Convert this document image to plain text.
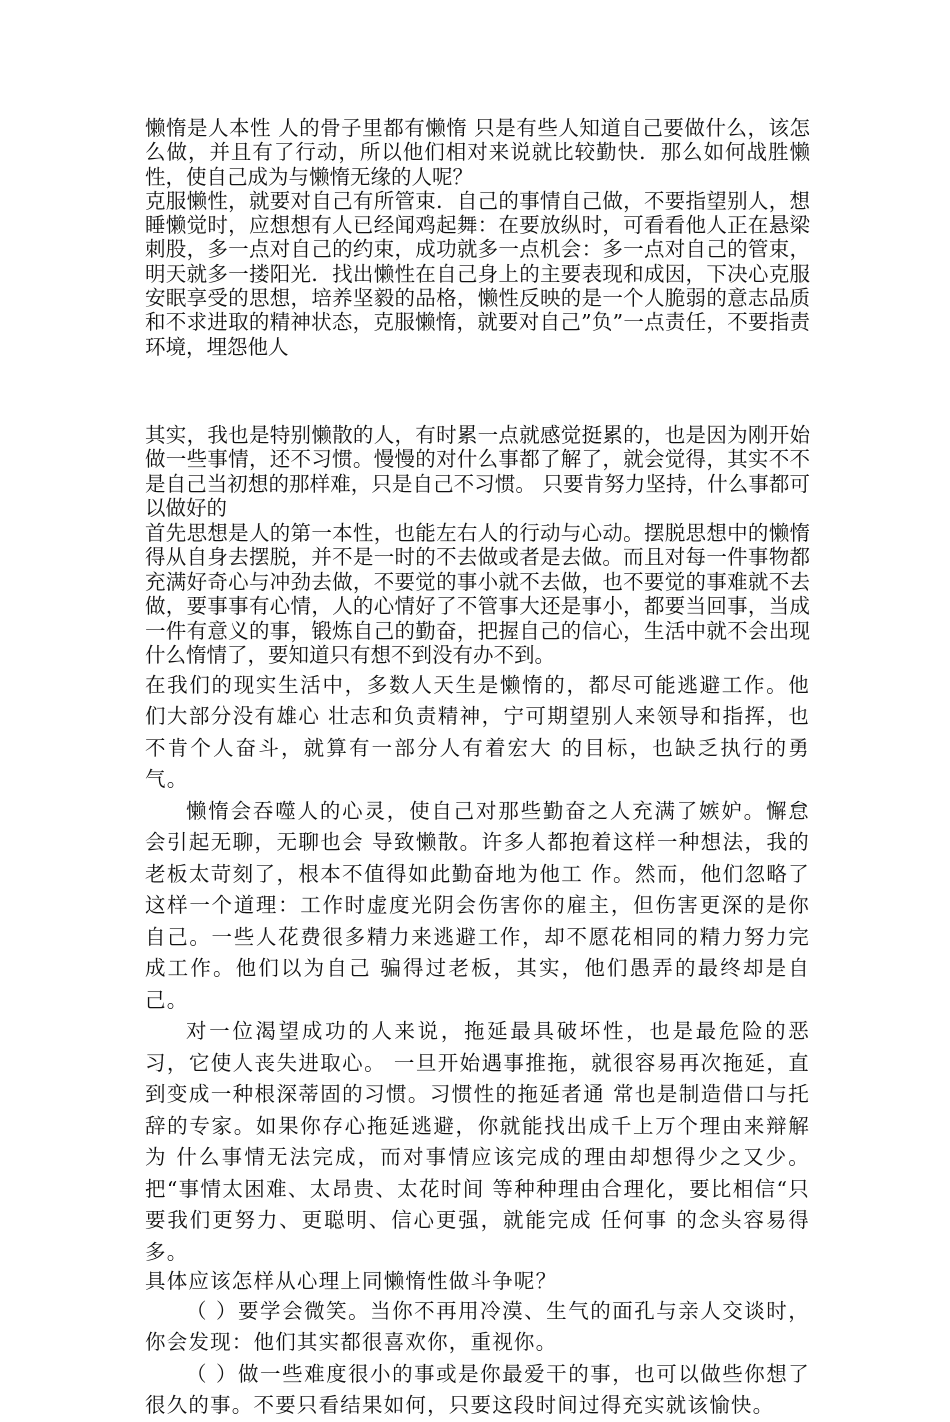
懒惰是人本性 人的骨子里都有懒惰 只是有些人知道自己要做什么，该怎么做，并且有了行动，所以他们相对来说就比较勤快．那么如何战胜懒性，使自己成为与懒惰无缘的人呢？

克服懒性，就要对自己有所管束．自己的事情自己做，不要指望别人，想睡懒觉时，应想想有人已经闻鸡起舞：在要放纵时，可看看他人正在悬梁刺股，多一点对自己的约束，成功就多一点机会：多一点对自己的管束，明天就多一搂阳光．找出懒性在自己身上的主要表现和成因，下决心克服安眠享受的思想，培养坚毅的品格，懒性反映的是一个人脆弱的意志品质和不求进取的精神状态，克服懒惰，就要对自己”负”一点责任，不要指责环境，埋怨他人

其实，我也是特别懒散的人，有时累一点就感觉挺累的，也是因为刚开始做一些事情，还不习惯。慢慢的对什么事都了解了，就会觉得，其实不不是自己当初想的那样难，只是自己不习惯。 只要肯努力坚持，什么事都可以做好的

首先思想是人的第一本性，也能左右人的行动与心动。摆脱思想中的懒惰得从自身去摆脱，并不是一时的不去做或者是去做。而且对每一件事物都充满好奇心与冲劲去做，不要觉的事小就不去做，也不要觉的事难就不去做，要事事有心情，人的心情好了不管事大还是事小，都要当回事，当成一件有意义的事，锻炼自己的勤奋，把握自己的信心，生活中就不会出现什么惰情了，要知道只有想不到没有办不到。

在我们的现实生活中，多数人天生是懒惰的，都尽可能逃避工作。他们大部分没有雄心 壮志和负责精神，宁可期望别人来领导和指挥，也不肯个人奋斗，就算有一部分人有着宏大 的目标，也缺乏执行的勇气。

懒惰会吞噬人的心灵，使自己对那些勤奋之人充满了嫉妒。懈怠会引起无聊，无聊也会 导致懒散。许多人都抱着这样一种想法，我的老板太苛刻了，根本不值得如此勤奋地为他工 作。然而，他们忽略了这样一个道理：工作时虚度光阴会伤害你的雇主，但伤害更深的是你 自己。一些人花费很多精力来逃避工作，却不愿花相同的精力努力完成工作。他们以为自己 骗得过老板，其实，他们愚弄的最终却是自己。

对一位渴望成功的人来说，拖延最具破坏性，也是最危险的恶习，它使人丧失进取心。 一旦开始遇事推拖，就很容易再次拖延，直到变成一种根深蒂固的习惯。习惯性的拖延者通 常也是制造借口与托辞的专家。如果你存心拖延逃避，你就能找出成千上万个理由来辩解为 什么事情无法完成，而对事情应该完成的理由却想得少之又少。把“事情太困难、太昂贵、太花时间 等种种理由合理化，要比相信“只要我们更努力、更聪明、信心更强，就能完成 任何事 的念头容易得多。

具体应该怎样从心理上同懒惰性做斗争呢？

（ ）要学会微笑。当你不再用冷漠、生气的面孔与亲人交谈时，你会发现：他们其实都很喜欢你，重视你。

（ ）做一些难度很小的事或是你最爱干的事，也可以做些你想了很久的事。不要只看结果如何，只要这段时间过得充实就该愉快。
